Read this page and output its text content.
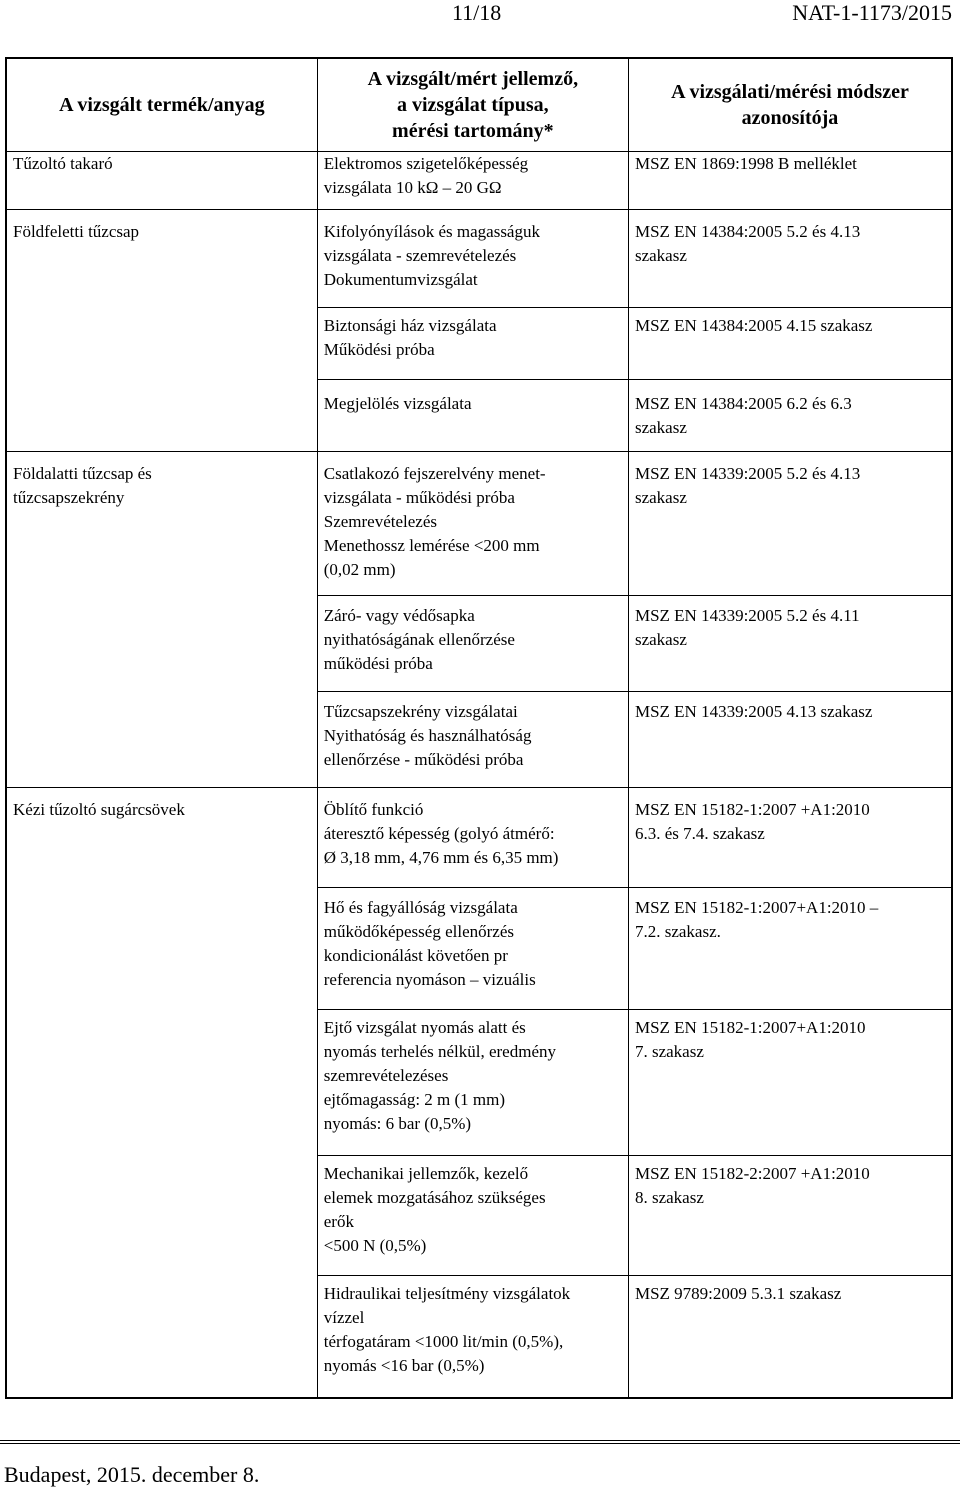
11/18	NAT-1-1173/2015
A vizsgált termék/anyag	A vizsgált/mért jellemző,
a vizsgálat típusa,
mérési tartomány*	A vizsgálati/mérési módszer
azonosítója

Tűzoltó takaró	Elektromos szigetelőképesség
vizsgálata 10 kΩ – 20 GΩ	MSZ EN 1869:1998 B melléklet

Földfeletti tűzcsap	Kifolyónyílások és magasságuk
vizsgálata - szemrevételezés
Dokumentumvizsgálat	MSZ EN 14384:2005 5.2 és 4.13
szakasz

	Biztonsági ház vizsgálata
Működési próba	MSZ EN 14384:2005 4.15 szakasz

	Megjelölés vizsgálata	MSZ EN 14384:2005 6.2 és 6.3
szakasz

Földalatti tűzcsap és
tűzcsapszekrény	Csatlakozó fejszerelvény menet-
vizsgálata - működési próba
Szemrevételezés
Menethossz lemérése <200 mm
(0,02 mm)	MSZ EN 14339:2005 5.2 és 4.13
szakasz

	Záró- vagy védősapka
nyithatóságának ellenőrzése
működési próba	MSZ EN 14339:2005 5.2 és 4.11
szakasz

	Tűzcsapszekrény vizsgálatai
Nyithatóság és használhatóság
ellenőrzése - működési próba	MSZ EN 14339:2005 4.13 szakasz

Kézi tűzoltó sugárcsövek	Öblítő funkció
áteresztő képesség (golyó átmérő:
Ø 3,18 mm, 4,76 mm és 6,35 mm)	MSZ EN 15182-1:2007 +A1:2010
6.3. és 7.4. szakasz

	Hő és fagyállóság vizsgálata
működőképesség ellenőrzés
kondicionálást követően pr
referencia nyomáson – vizuális	MSZ EN 15182-1:2007+A1:2010 –
7.2. szakasz.

	Ejtő vizsgálat nyomás alatt és
nyomás terhelés nélkül, eredmény
szemrevételezéses
ejtőmagasság: 2 m (1 mm)
nyomás: 6 bar (0,5%)	MSZ EN 15182-1:2007+A1:2010
7. szakasz

	Mechanikai jellemzők, kezelő
elemek mozgatásához szükséges
erők
<500 N (0,5%)	MSZ EN 15182-2:2007 +A1:2010
8. szakasz

	Hidraulikai teljesítmény vizsgálatok
vízzel
térfogatáram <1000 lit/min (0,5%),
nyomás <16 bar (0,5%)	MSZ 9789:2009 5.3.1 szakasz
Budapest, 2015. december 8.
